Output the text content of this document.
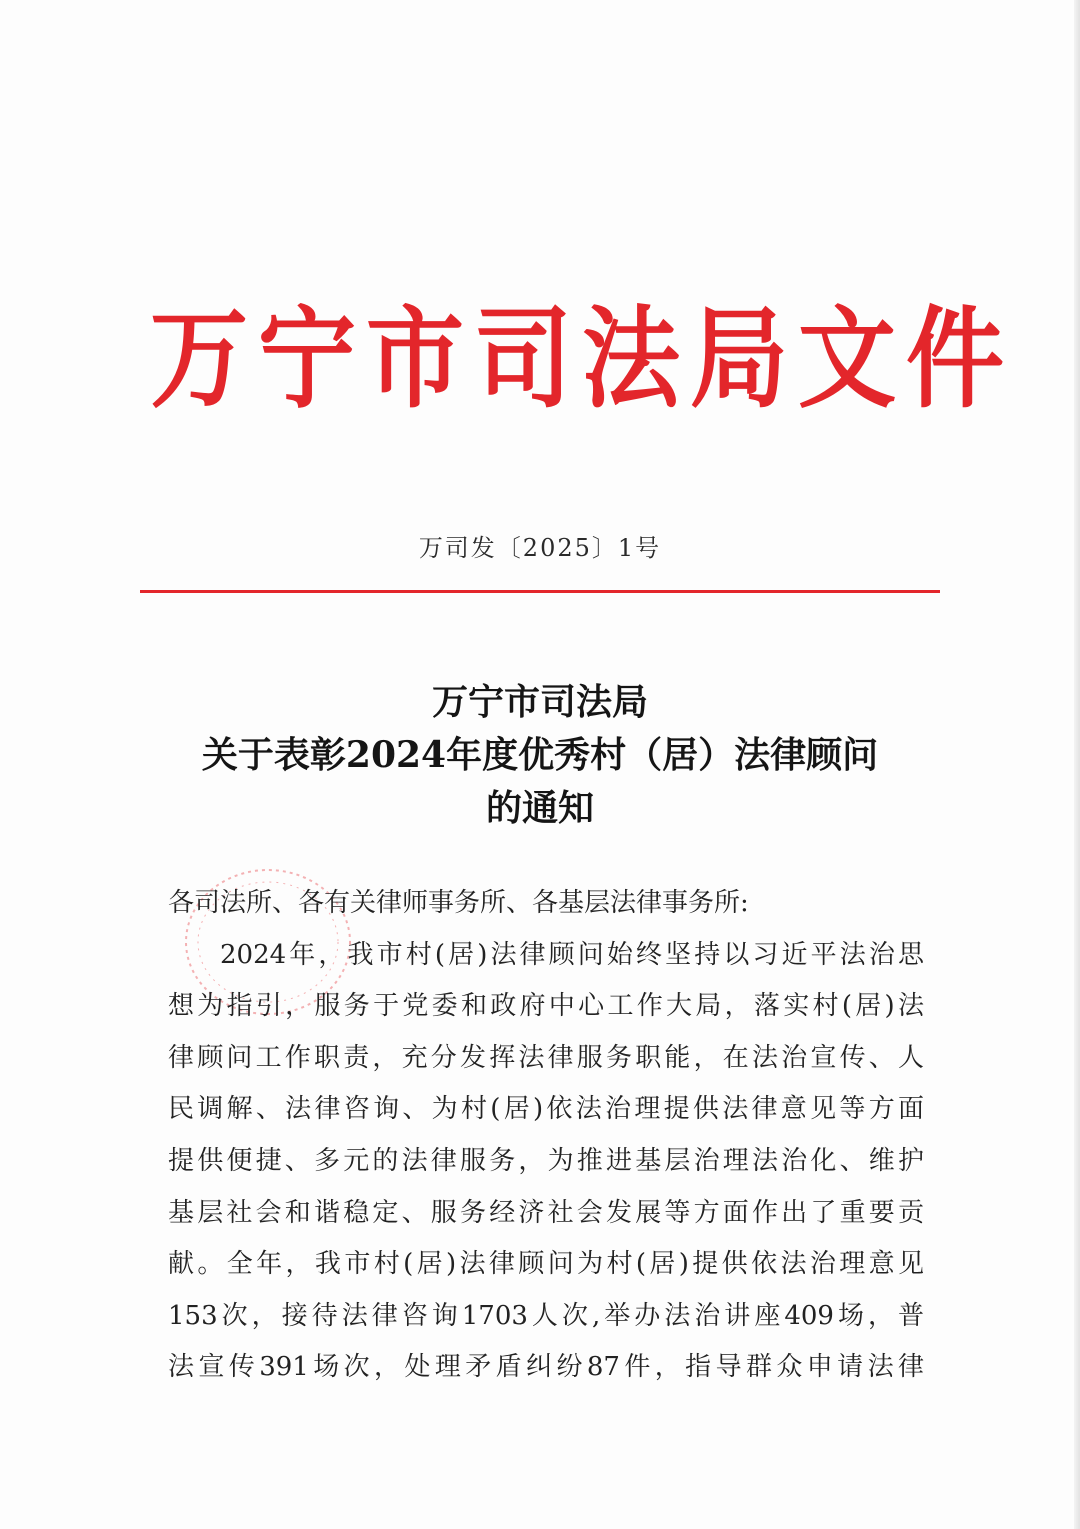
万宁市司法局文件
万司发〔2025〕1号
万宁市司法局
关于表彰2024年度优秀村（居）法律顾问
的通知
各司法所、各有关律师事务所、各基层法律事务所:
2024年，我市村(居)法律顾问始终坚持以习近平法治思
想为指引，服务于党委和政府中心工作大局，落实村(居)法
律顾问工作职责，充分发挥法律服务职能，在法治宣传、人
民调解、法律咨询、为村(居)依法治理提供法律意见等方面
提供便捷、多元的法律服务，为推进基层治理法治化、维护
基层社会和谐稳定、服务经济社会发展等方面作出了重要贡
献。全年，我市村(居)法律顾问为村(居)提供依法治理意见
153次，接待法律咨询1703人次,举办法治讲座409场，普
法宣传391场次，处理矛盾纠纷87件，指导群众申请法律
